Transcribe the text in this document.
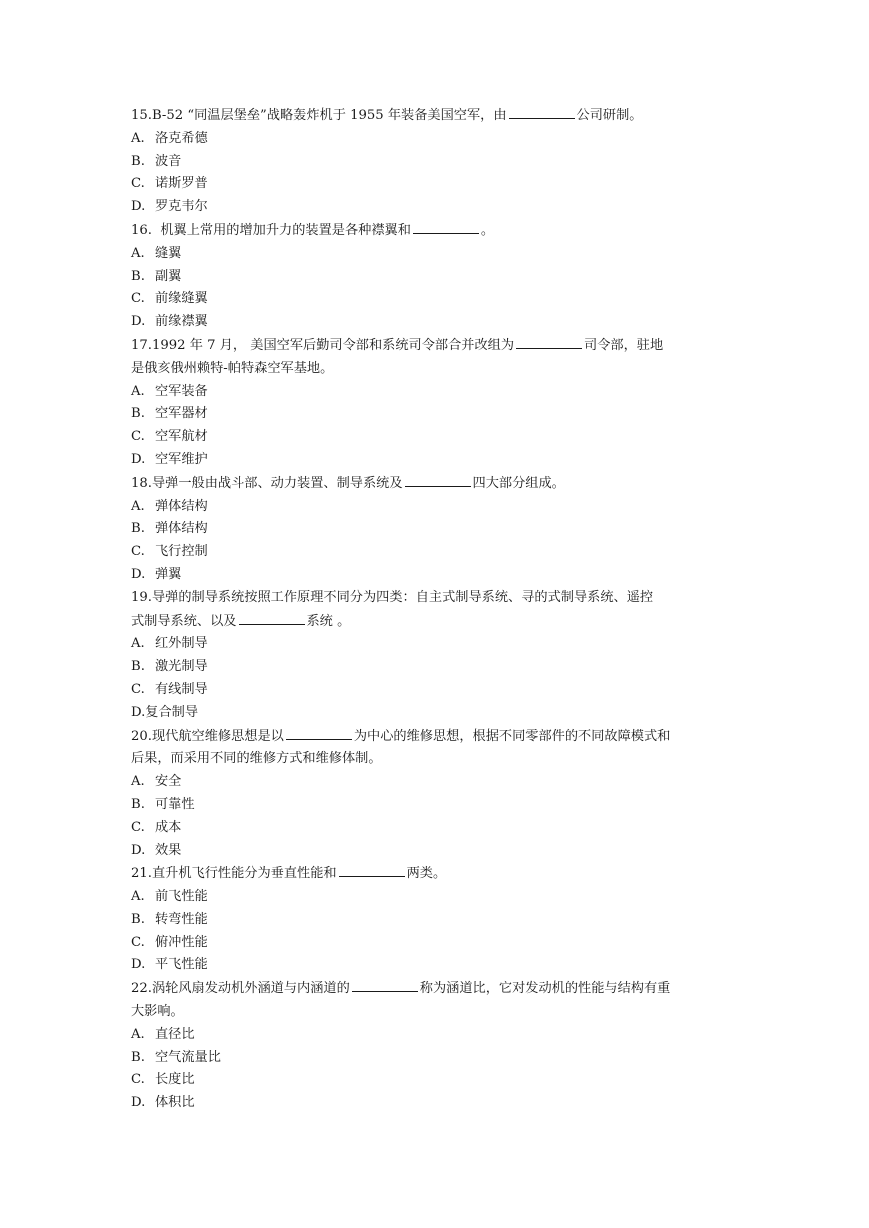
15.B-52 “同温层堡垒”战略轰炸机于 1955 年装备美国空军，由	公司研制。
A. 洛克希德
B. 波音
C. 诺斯罗普
D. 罗克韦尔
16.  机翼上常用的增加升力的装置是各种襟翼和	。
A. 缝翼
B. 副翼
C. 前缘缝翼
D. 前缘襟翼
17.1992 年 7 月， 美国空军后勤司令部和系统司令部合并改组为	司令部，驻地
是俄亥俄州赖特-帕特森空军基地。
A. 空军装备
B. 空军器材
C. 空军航材
D. 空军维护
18.导弹一般由战斗部、动力装置、制导系统及	四大部分组成。
A. 弹体结构
B. 弹体结构
C. 飞行控制
D. 弹翼
19.导弹的制导系统按照工作原理不同分为四类：自主式制导系统、寻的式制导系统、遥控
式制导系统、以及	系统 。
A. 红外制导
B. 激光制导
C. 有线制导
D.复合制导
20.现代航空维修思想是以	为中心的维修思想，根据不同零部件的不同故障模式和
后果，而采用不同的维修方式和维修体制。
A. 安全
B. 可靠性
C. 成本
D. 效果
21.直升机飞行性能分为垂直性能和	两类。
A. 前飞性能
B. 转弯性能
C. 俯冲性能
D. 平飞性能
22.涡轮风扇发动机外涵道与内涵道的	称为涵道比，它对发动机的性能与结构有重
大影响。
A. 直径比
B. 空气流量比
C. 长度比
D. 体积比
